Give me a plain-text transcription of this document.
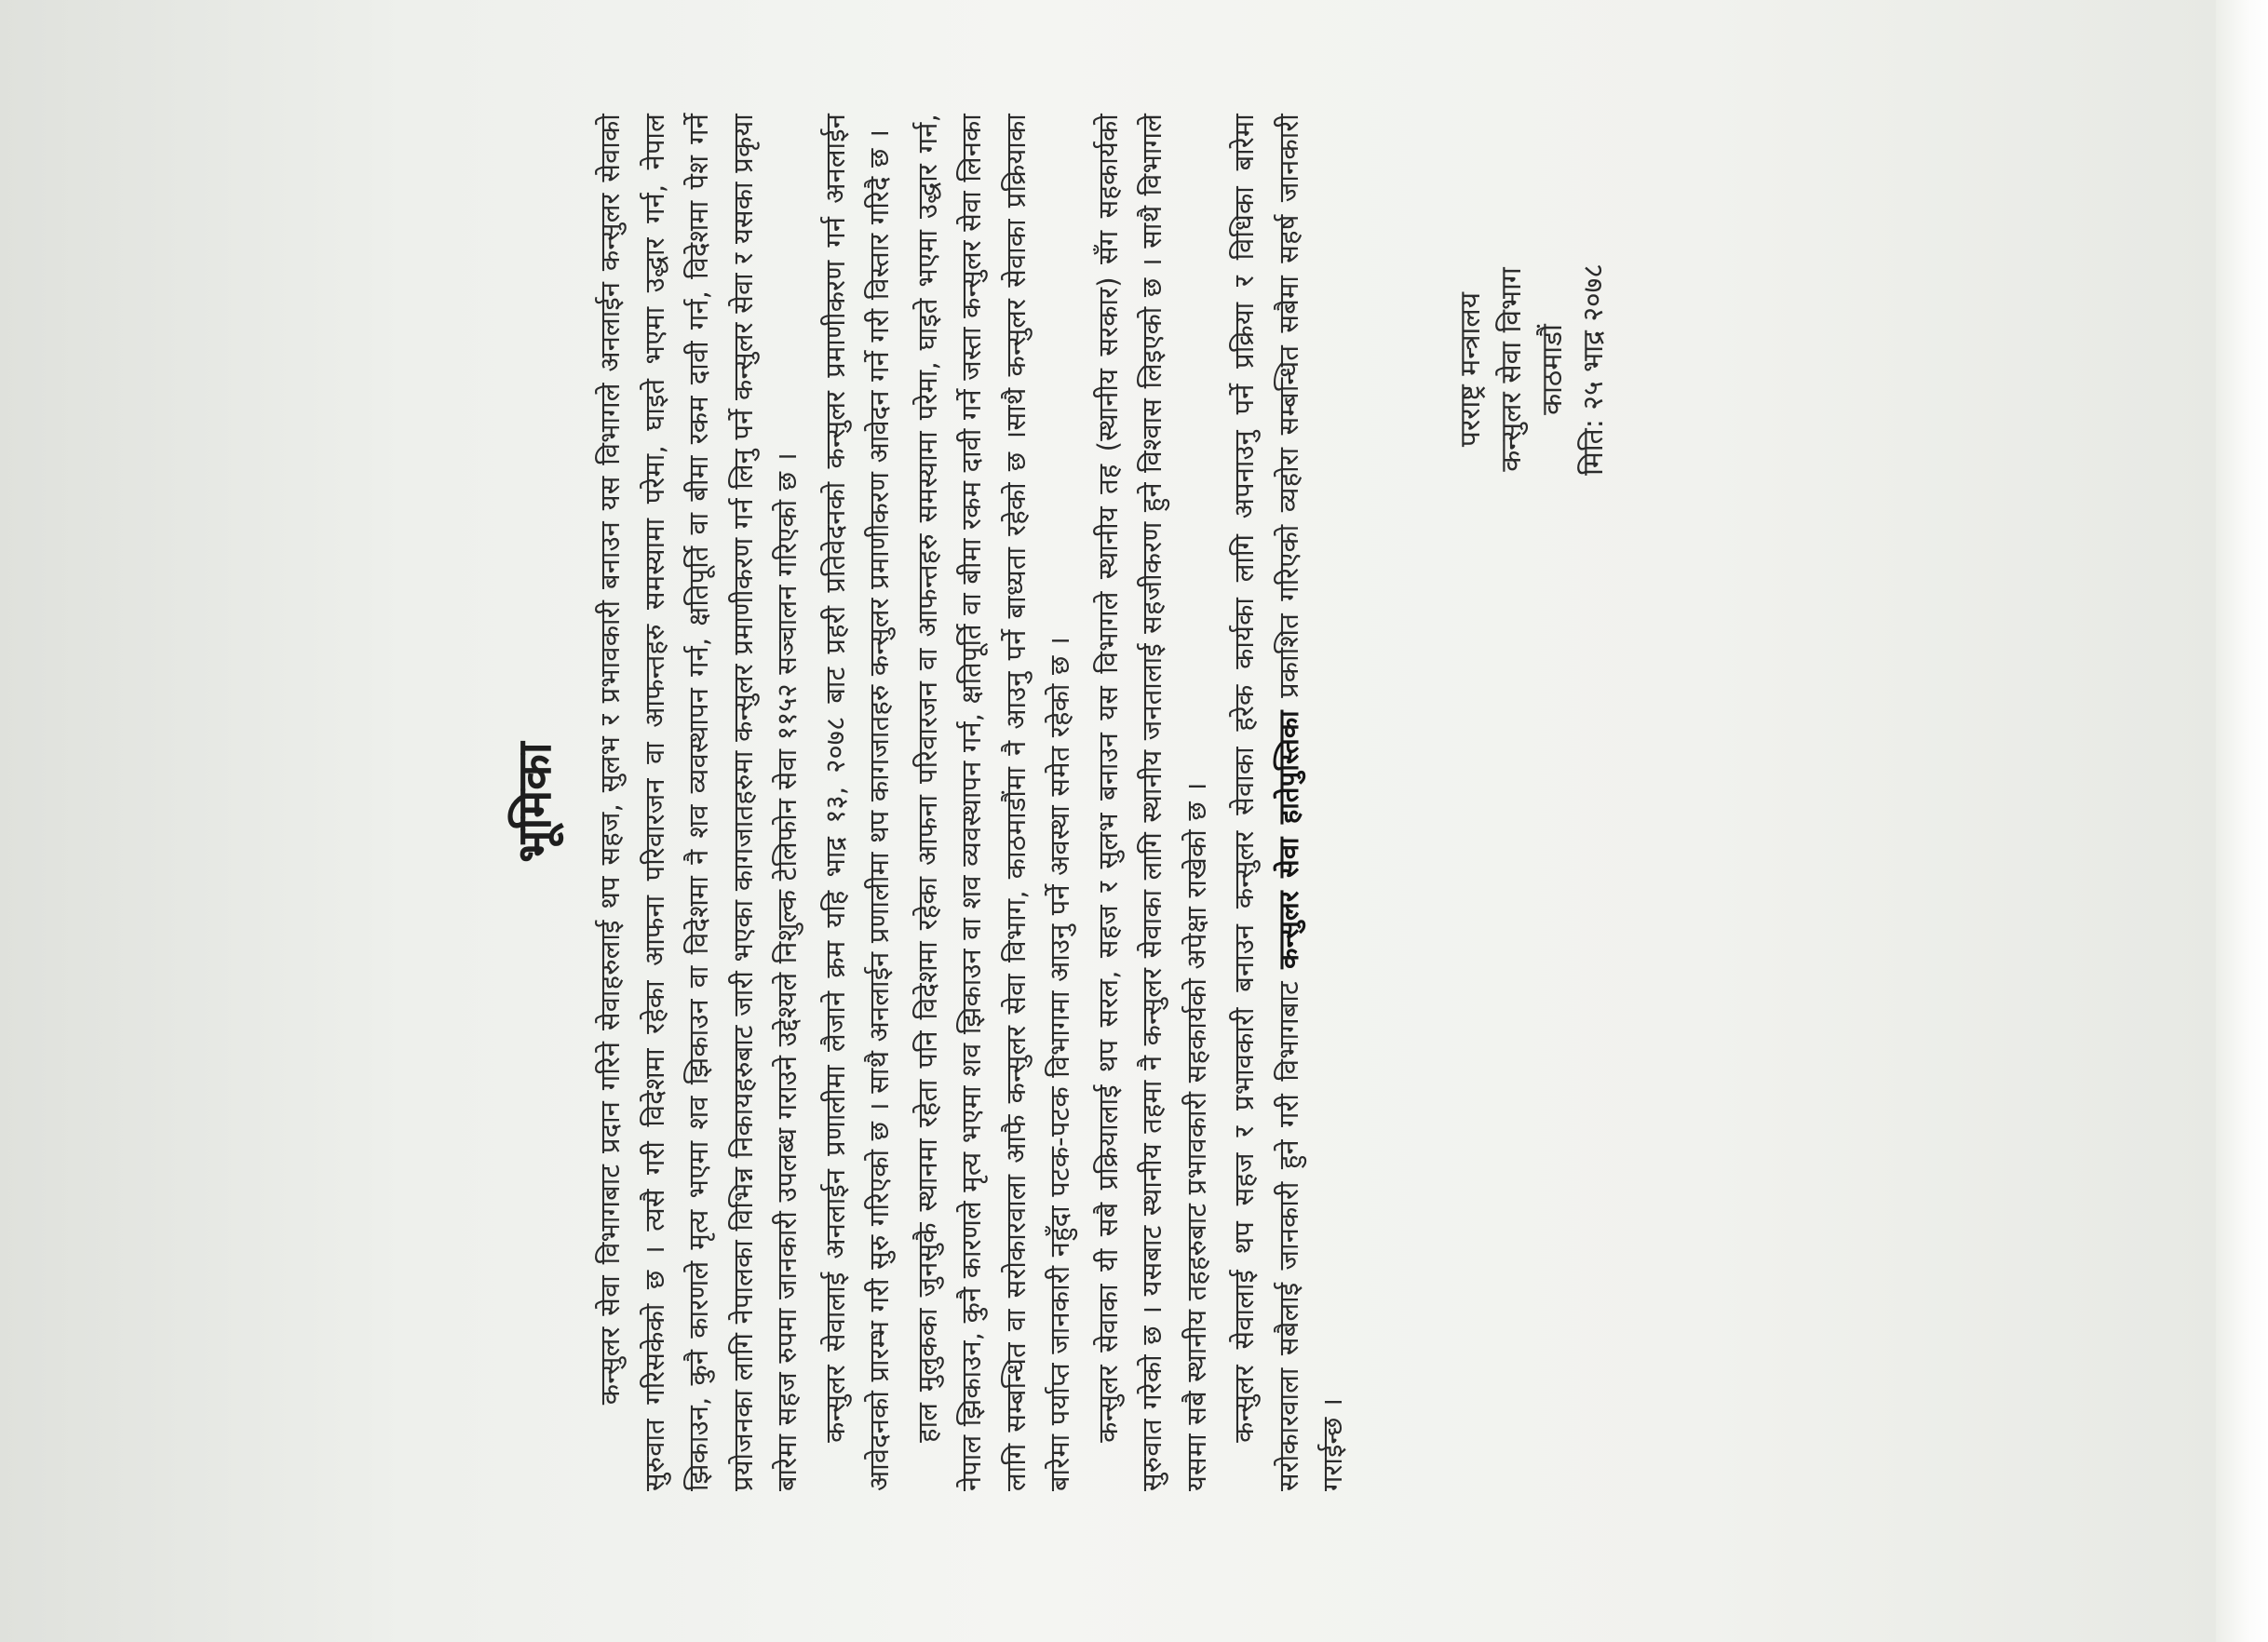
भूमिका कन्सुलर सेवा विभागबाट प्रदान गरिने सेवाहरुलाई थप सहज, सुलभ र प्रभावकारी बनाउन यस विभागले अनलाईन कन्सुलर सेवाको सुरुवात गरिसकेको छ । त्यसै गरी विदेशमा रहेका आफना परिवारजन वा आफन्तहरु समस्यामा परेमा, घाइते भएमा उद्धार गर्न, नेपाल झिकाउन, कुनै कारणले मृत्य भएमा शव झिकाउन वा विदेशमा नै शव व्यवस्थापन गर्न, क्षतिपूर्ति वा बीमा रकम दावी गर्न, विदेशमा पेश गर्ने प्रयोजनका लागि नेपालका विभिन्न निकायहरुबाट जारी भएका कागजातहरुमा कन्सुलर प्रमाणीकरण गर्न लिनु पर्ने कन्सुलर सेवा र यसका प्रकृया बारेमा सहज रुपमा जानकारी उपलब्ध गराउने उद्देश्यले निशुल्क टेलिफोन सेवा ११५२ सञ्चालन गरिएको छ । कन्सुलर सेवालाई अनलाईन प्रणालीमा लैजाने क्रम यहि भाद्र १३, २०७८ बाट प्रहरी प्रतिवेदनको कन्सुलर प्रमाणीकरण गर्न अनलाईन आवेदनको प्रारम्भ गरी सुरु गरिएको छ । साथै अनलाईन प्रणालीमा थप कागजातहरु कन्सुलर प्रमाणीकरण आवेदन गर्ने गरी विस्तार गरिदै छ । हाल मुलुकका जुनसुकै स्थानमा रहेता पनि विदेशमा रहेका आफना परिवारजन वा आफन्तहरु समस्यामा परेमा, घाइते भएमा उद्धार गर्न, नेपाल झिकाउन, कुनै कारणले मृत्य भएमा शव झिकाउन वा शव व्यवस्थापन गर्न, क्षतिपूर्ति वा बीमा रकम दावी गर्ने जस्ता कन्सुलर सेवा लिनका लागि सम्बन्धित वा सरोकारवाला आफै कन्सुलर सेवा विभाग, काठमाडौंमा नै आउनु पर्ने बाध्यता रहेको छ ।साथै कन्सुलर सेवाका प्रक्रियाका बारेमा पर्याप्त जानकारी नहुँदा पटक-पटक विभागमा आउनु पर्ने अवस्था समेत रहेको छ । कन्सुलर सेवाका यी सबै प्रक्रियालाई थप सरल, सहज र सुलभ बनाउन यस विभागले स्थानीय तह (स्थानीय सरकार) सँग सहकार्यको सुरुवात गरेको छ । यसबाट स्थानीय तहमा नै कन्सुलर सेवाका लागि स्थानीय जनतालाई सहजीकरण हुने विश्वास लिइएको छ । साथै विभागले यसमा सबै स्थानीय तहहरुबाट प्रभावकारी सहकार्यको अपेक्षा राखेको छ । कन्सुलर सेवालाई थप सहज र प्रभावकारी बनाउन कन्सुलर सेवाका हरेक कार्यका लागि अपनाउनु पर्ने प्रक्रिया र विधिका बारेमा सरोकारवाला सबैलाई जानकारी हुने गरी विभागबाट कन्सुलर सेवा हातेपुस्तिका प्रकाशित गरिएको व्यहोरा सम्बन्धित सबैमा सहर्ष जानकारी गराईन्छ ।

परराष्ट्र मन्त्रालय कन्सुलर सेवा विभाग काठमाडौं मिति: २५ भाद्र २०७८
